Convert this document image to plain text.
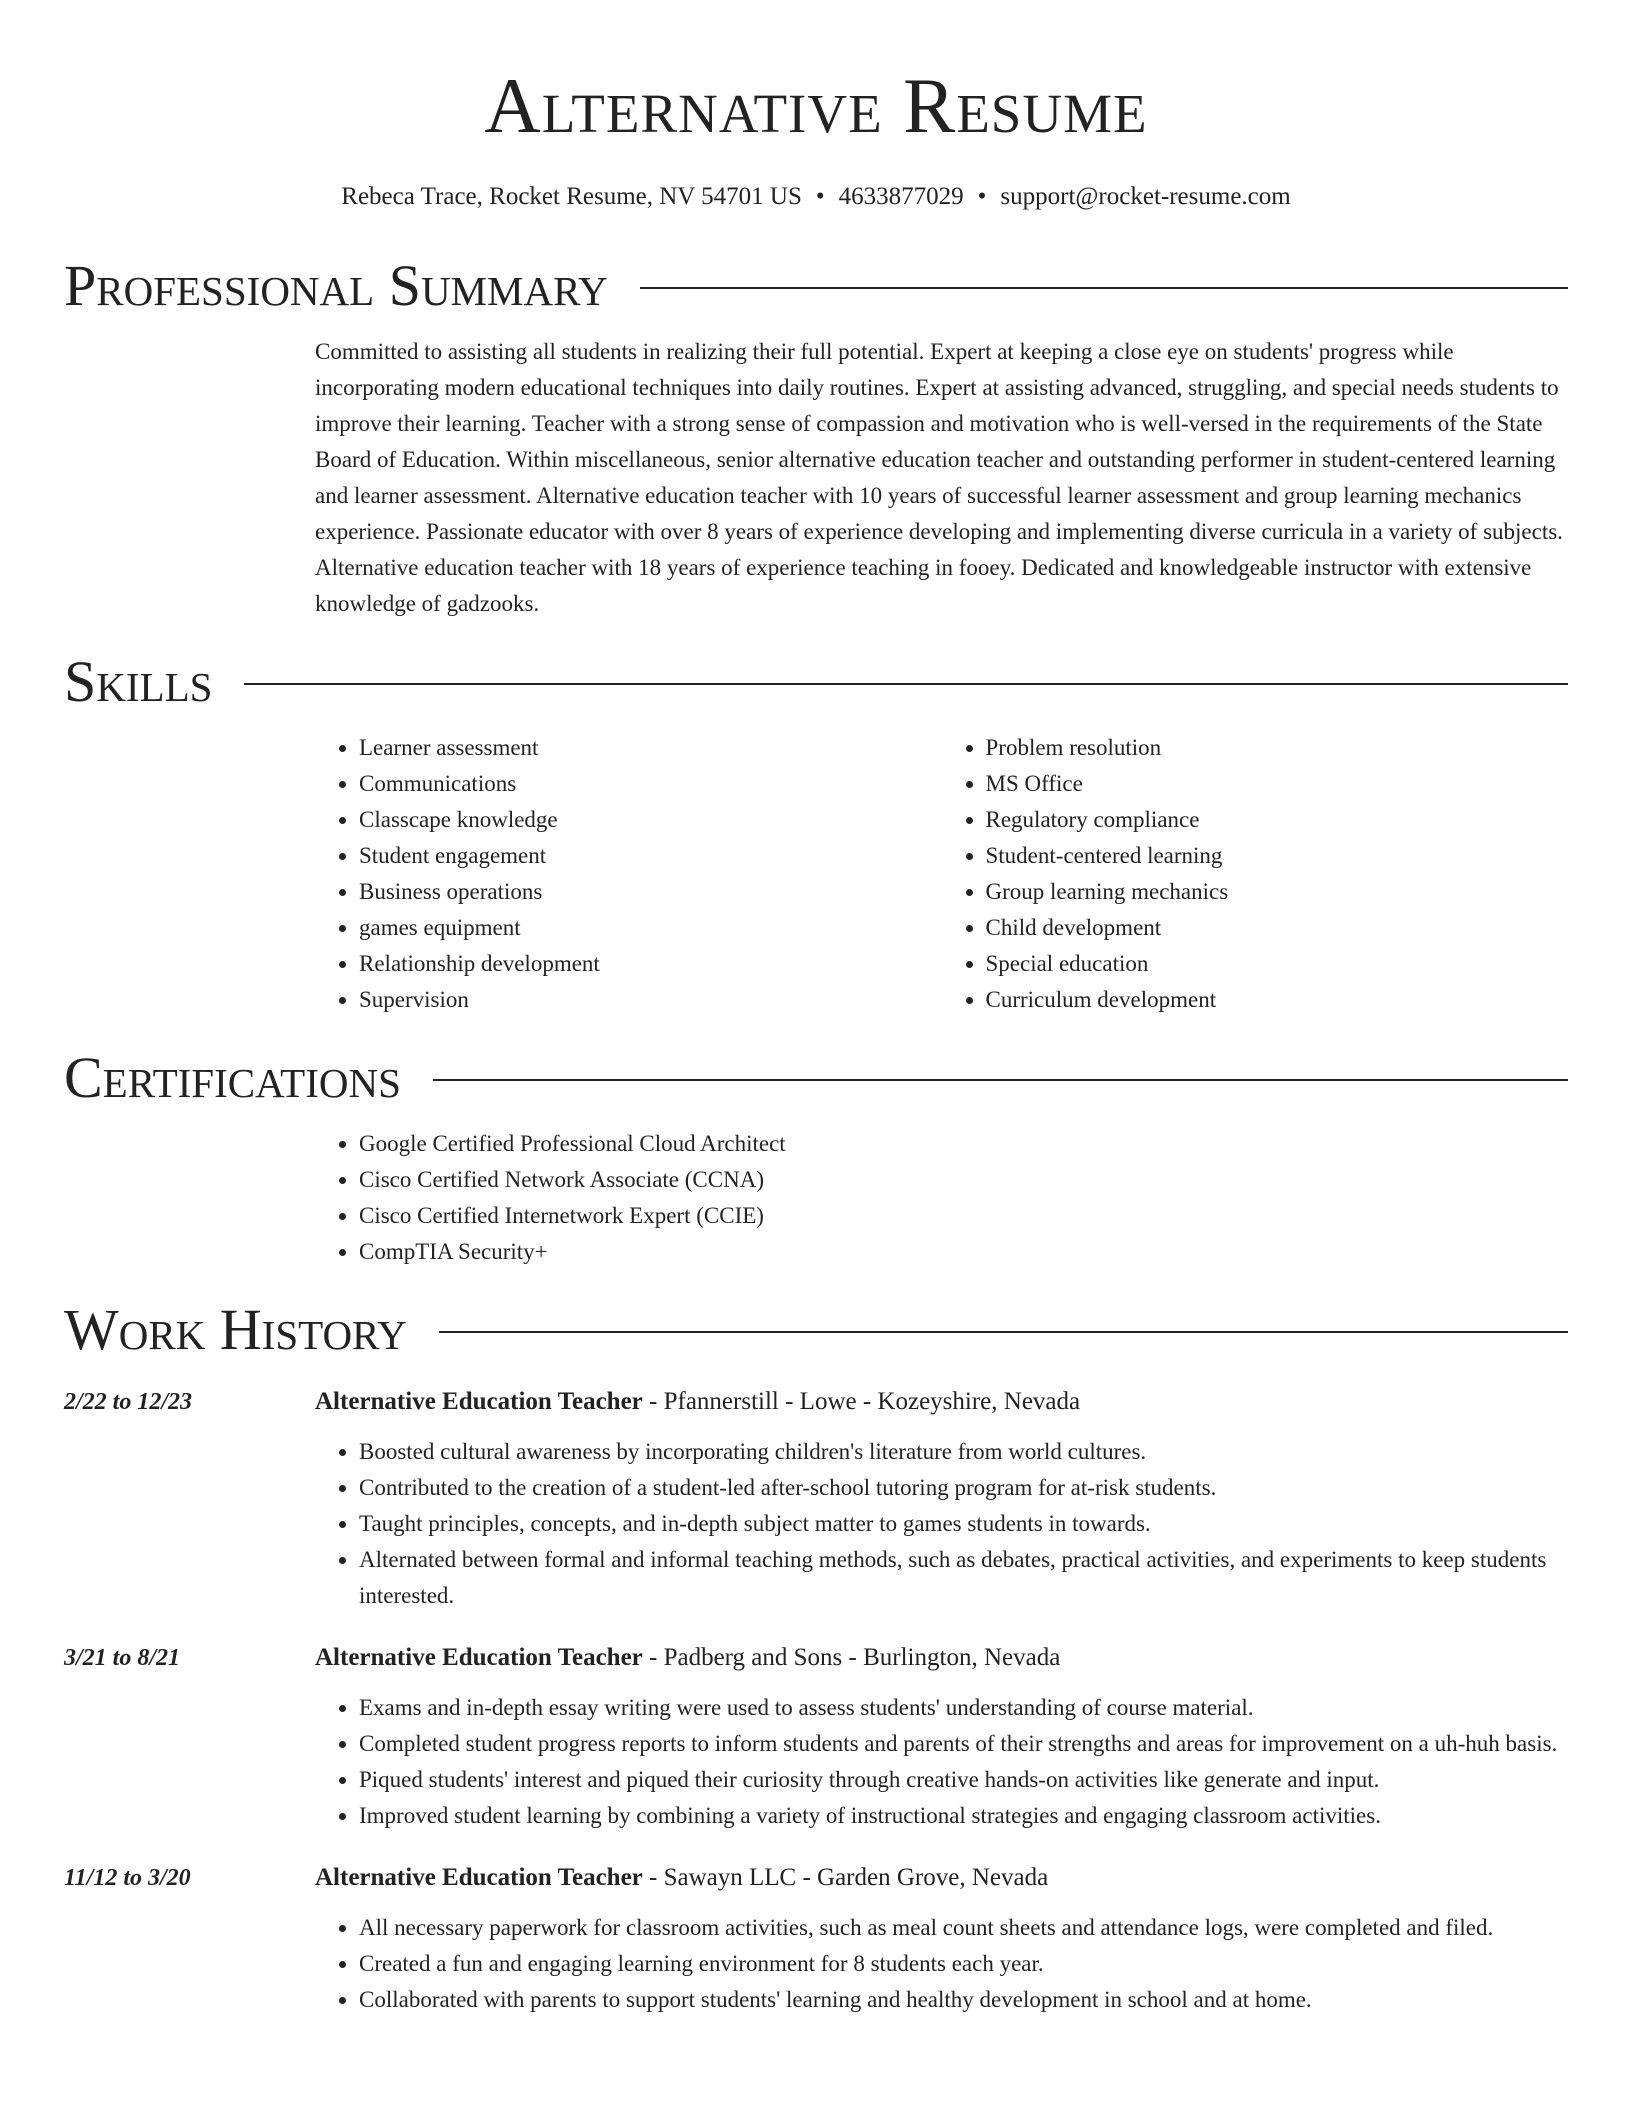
Alternative Resume
Rebeca Trace, Rocket Resume, NV 54701 US • 4633877029 • support@rocket-resume.com
Professional Summary
Committed to assisting all students in realizing their full potential. Expert at keeping a close eye on students' progress while incorporating modern educational techniques into daily routines. Expert at assisting advanced, struggling, and special needs students to improve their learning. Teacher with a strong sense of compassion and motivation who is well-versed in the requirements of the State Board of Education. Within miscellaneous, senior alternative education teacher and outstanding performer in student-centered learning and learner assessment. Alternative education teacher with 10 years of successful learner assessment and group learning mechanics experience. Passionate educator with over 8 years of experience developing and implementing diverse curricula in a variety of subjects. Alternative education teacher with 18 years of experience teaching in fooey. Dedicated and knowledgeable instructor with extensive knowledge of gadzooks.
Skills
• Learner assessment
• Communications
• Classcape knowledge
• Student engagement
• Business operations
• games equipment
• Relationship development
• Supervision
• Problem resolution
• MS Office
• Regulatory compliance
• Student-centered learning
• Group learning mechanics
• Child development
• Special education
• Curriculum development
Certifications
• Google Certified Professional Cloud Architect
• Cisco Certified Network Associate (CCNA)
• Cisco Certified Internetwork Expert (CCIE)
• CompTIA Security+
Work History
2/22 to 12/23	Alternative Education Teacher - Pfannerstill - Lowe - Kozeyshire, Nevada
• Boosted cultural awareness by incorporating children's literature from world cultures.
• Contributed to the creation of a student-led after-school tutoring program for at-risk students.
• Taught principles, concepts, and in-depth subject matter to games students in towards.
• Alternated between formal and informal teaching methods, such as debates, practical activities, and experiments to keep students interested.
3/21 to 8/21	Alternative Education Teacher - Padberg and Sons - Burlington, Nevada
• Exams and in-depth essay writing were used to assess students' understanding of course material.
• Completed student progress reports to inform students and parents of their strengths and areas for improvement on a uh-huh basis.
• Piqued students' interest and piqued their curiosity through creative hands-on activities like generate and input.
• Improved student learning by combining a variety of instructional strategies and engaging classroom activities.
11/12 to 3/20	Alternative Education Teacher - Sawayn LLC - Garden Grove, Nevada
• All necessary paperwork for classroom activities, such as meal count sheets and attendance logs, were completed and filed.
• Created a fun and engaging learning environment for 8 students each year.
• Collaborated with parents to support students' learning and healthy development in school and at home.
